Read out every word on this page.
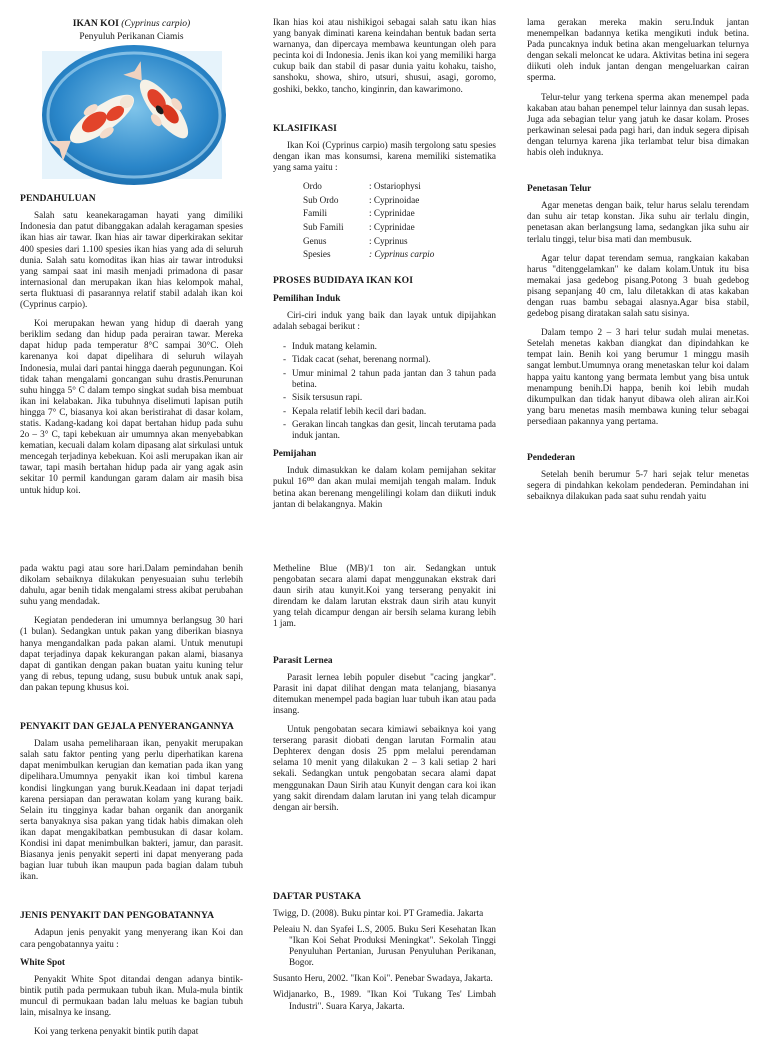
IKAN KOI (Cyprinus carpio)
Penyuluh Perikanan Ciamis
PENDAHULUAN

Salah satu keanekaragaman hayati yang dimiliki Indonesia dan patut dibanggakan adalah keragaman spesies ikan hias air tawar. Ikan hias air tawar diperkirakan sekitar 400 spesies dari 1.100 spesies ikan hias yang ada di seluruh dunia. Salah satu komoditas ikan hias air tawar introduksi yang sampai saat ini masih menjadi primadona di pasar internasional dan merupakan ikan hias kelompok mahal, serta fluktuasi di pasarannya relatif stabil adalah ikan koi (Cyprinus carpio).

Koi merupakan hewan yang hidup di daerah yang beriklim sedang dan hidup pada perairan tawar. Mereka dapat hidup pada temperatur 8°C sampai 30°C. Oleh karenanya koi dapat dipelihara di seluruh wilayah Indonesia, mulai dari pantai hingga daerah pegunungan. Koi tidak tahan mengalami goncangan suhu drastis.Penurunan suhu hingga 5° C dalam tempo singkat sudah bisa membuat ikan ini kelabakan. Jika tubuhnya diselimuti lapisan putih hingga 7° C, biasanya koi akan beristirahat di dasar kolam, statis. Kadang-kadang koi dapat bertahan hidup pada suhu 2o – 3° C, tapi kebekuan air umumnya akan menyebabkan kematian, kecuali dalam kolam dipasang alat sirkulasi untuk mencegah terjadinya kebekuan. Koi asli merupakan ikan air tawar, tapi masih bertahan hidup pada air yang agak asin sekitar 10 permil kandungan garam dalam air masih bisa untuk hidup koi.

Ikan hias koi atau nishikigoi sebagai salah satu ikan hias yang banyak diminati karena keindahan bentuk badan serta warnanya, dan dipercaya membawa keuntungan oleh para pecinta koi di Indonesia. Jenis ikan koi yang memiliki harga cukup baik dan stabil di pasar dunia yaitu kohaku, taisho, sanshoku, showa, shiro, utsuri, shusui, asagi, goromo, goshiki, bekko, tancho, kinginrin, dan kawarimono.

KLASIFIKASI

Ikan Koi (Cyprinus carpio) masih tergolong satu spesies dengan ikan mas konsumsi, karena memiliki sistematika yang sama yaitu :

Ordo	: Ostariophysi
Sub Ordo	: Cyprinoidae
Famili	: Cyprinidae
Sub Famili	: Cyprinidae
Genus	: Cyprinus
Spesies	: Cyprinus carpio
PROSES BUDIDAYA IKAN KOI
Pemilihan Induk

Ciri-ciri induk yang baik dan layak untuk dipijahkan adalah sebagai berikut :

- Induk matang kelamin.
- Tidak cacat (sehat, berenang normal).
- Umur minimal 2 tahun pada jantan dan 3 tahun pada betina.
- Sisik tersusun rapi.
- Kepala relatif lebih kecil dari badan.
- Gerakan lincah tangkas dan gesit, lincah terutama pada induk jantan.
Pemijahan

Induk dimasukkan ke dalam kolam pemijahan sekitar pukul 16⁰⁰ dan akan mulai memijah tengah malam. Induk betina akan berenang mengelilingi kolam dan diikuti induk jantan di belakangnya. Makin

lama gerakan mereka makin seru.Induk jantan menempelkan badannya ketika mengikuti induk betina. Pada puncaknya induk betina akan mengeluarkan telurnya dengan sekali meloncat ke udara. Aktivitas betina ini segera diikuti oleh induk jantan dengan mengeluarkan cairan sperma.

Telur-telur yang terkena sperma akan menempel pada kakaban atau bahan penempel telur lainnya dan susah lepas. Juga ada sebagian telur yang jatuh ke dasar kolam. Proses perkawinan selesai pada pagi hari, dan induk segera dipisah dengan telurnya karena jika terlambat telur bisa dimakan habis oleh induknya.

Penetasan Telur

Agar menetas dengan baik, telur harus selalu terendam dan suhu air tetap konstan. Jika suhu air terlalu dingin, penetasan akan berlangsung lama, sedangkan jika suhu air terlalu tinggi, telur bisa mati dan membusuk.

Agar telur dapat terendam semua, rangkaian kakaban harus "ditenggelamkan" ke dalam kolam.Untuk itu bisa memakai jasa gedebog pisang.Potong 3 buah gedebog pisang sepanjang 40 cm, lalu diletakkan di atas kakaban dengan ruas bambu sebagai alasnya.Agar bisa stabil, gedebog pisang diratakan salah satu sisinya.

Dalam tempo 2 – 3 hari telur sudah mulai menetas. Setelah menetas kakban diangkat dan dipindahkan ke tempat lain. Benih koi yang berumur 1 minggu masih sangat lembut.Umumnya orang menetaskan telur koi dalam happa yaitu kantong yang bermata lembut yang bisa untuk menampung benih.Di happa, benih koi lebih mudah dikumpulkan dan tidak hanyut dibawa oleh aliran air.Koi yang baru menetas masih membawa kuning telur sebagai persediaan pakannya yang pertama.

Pendederan

Setelah benih berumur 5-7 hari sejak telur menetas segera di pindahkan kekolam pendederan. Pemindahan ini sebaiknya dilakukan pada saat suhu rendah yaitu

pada waktu pagi atau sore hari.Dalam pemindahan benih dikolam sebaiknya dilakukan penyesuaian suhu terlebih dahulu, agar benih tidak mengalami stress akibat perubahan suhu yang mendadak.

Kegiatan pendederan ini umumnya berlangsug 30 hari (1 bulan). Sedangkan untuk pakan yang diberikan biasnya hanya mengandalkan pada pakan alami. Untuk menutupi dapat terjadinya dapak kekurangan pakan alami, biasanya dapat di gantikan dengan pakan buatan yaitu kuning telur yang di rebus, tepung udang, susu bubuk untuk anak sapi, dan pakan tepung khusus koi.

PENYAKIT DAN GEJALA PENYERANGANNYA

Dalam usaha pemeliharaan ikan, penyakit merupakan salah satu faktor penting yang perlu diperhatikan karena dapat menimbulkan kerugian dan kematian pada ikan yang dipelihara.Umumnya penyakit ikan koi timbul karena kondisi lingkungan yang buruk.Keadaan ini dapat terjadi karena persiapan dan perawatan kolam yang kurang baik. Selain itu tingginya kadar bahan organik dan anorganik serta banyaknya sisa pakan yang tidak habis dimakan oleh ikan dapat mengakibatkan pembusukan di dasar kolam. Kondisi ini dapat menimbulkan bakteri, jamur, dan parasit. Biasanya jenis penyakit seperti ini dapat menyerang pada bagian luar tubuh ikan maupun pada bagian dalam tubuh ikan.

JENIS PENYAKIT DAN PENGOBATANNYA

Adapun jenis penyakit yang menyerang ikan Koi dan cara pengobatannya yaitu :

White Spot

Penyakit White Spot ditandai dengan adanya bintik-bintik putih pada permukaan tubuh ikan. Mula-mula bintik muncul di permukaan badan lalu meluas ke bagian tubuh lain, misalnya ke insang.

Koi yang terkena penyakit bintik putih dapat

Metheline Blue (MB)/1 ton air. Sedangkan untuk pengobatan secara alami dapat menggunakan ekstrak dari daun sirih atau kunyit.Koi yang terserang penyakit ini direndam ke dalam larutan ekstrak daun sirih atau kunyit yang telah dicampur dengan air bersih selama kurang lebih 1 jam.

Parasit Lernea

Parasit lernea lebih populer disebut "cacing jangkar". Parasit ini dapat dilihat dengan mata telanjang, biasanya ditemukan menempel pada bagian luar tubuh ikan atau pada insang.

Untuk pengobatan secara kimiawi sebaiknya koi yang terserang parasit diobati dengan larutan Formalin atau Dephterex dengan dosis 25 ppm melalui perendaman selama 10 menit yang dilakukan 2 – 3 kali setiap 2 hari sekali. Sedangkan untuk pengobatan secara alami dapat menggunakan Daun Sirih atau Kunyit dengan cara koi ikan yang sakit direndam dalam larutan ini yang telah dicampur dengan air bersih.

DAFTAR PUSTAKA

Twigg, D. (2008). Buku pintar koi. PT Gramedia. Jakarta

Peleaiu N. dan Syafei L.S, 2005. Buku Seri Kesehatan Ikan "Ikan Koi Sehat Produksi Meningkat". Sekolah Tinggi Penyuluhan Pertanian, Jurusan Penyuluhan Perikanan, Bogor.

Susanto Heru, 2002. "Ikan Koi". Penebar Swadaya, Jakarta.

Widjanarko, B., 1989. "Ikan Koi 'Tukang Tes' Limbah Industri". Suara Karya, Jakarta.
